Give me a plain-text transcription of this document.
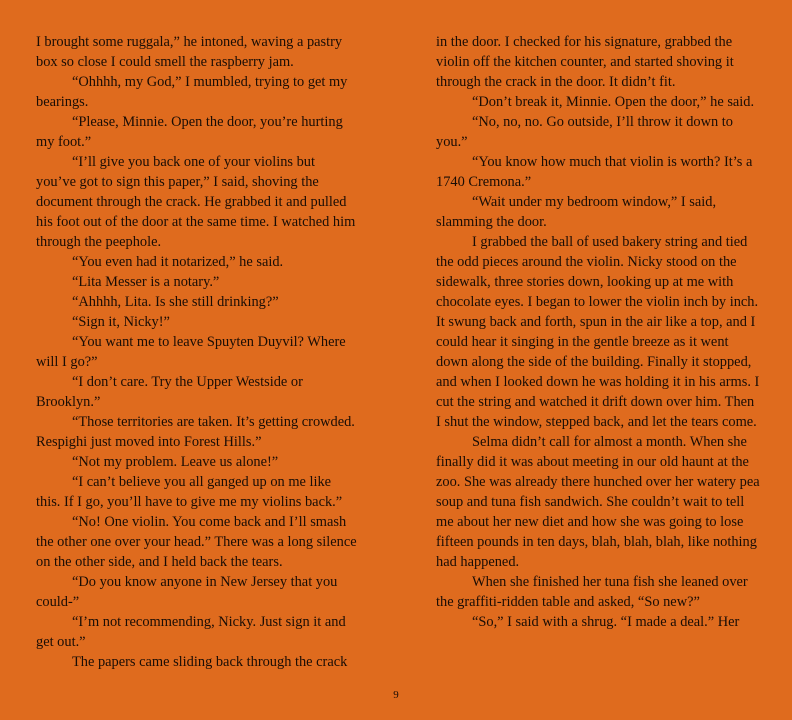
I brought some ruggala,” he intoned, waving a pastry box so close I could smell the raspberry jam.

“Ohhhh, my God,” I mumbled, trying to get my bearings.

“Please, Minnie. Open the door, you’re hurting my foot.”

“I’ll give you back one of your violins but you’ve got to sign this paper,” I said, shoving the document through the crack. He grabbed it and pulled his foot out of the door at the same time. I watched him through the peephole.

“You even had it notarized,” he said.

“Lita Messer is a notary.”

“Ahhhh, Lita. Is she still drinking?”

“Sign it, Nicky!”

“You want me to leave Spuyten Duyvil? Where will I go?”

“I don’t care. Try the Upper Westside or Brooklyn.”

“Those territories are taken. It’s getting crowded. Respighi just moved into Forest Hills.”

“Not my problem. Leave us alone!”

“I can’t believe you all ganged up on me like this. If I go, you’ll have to give me my violins back.”

“No! One violin. You come back and I’ll smash the other one over your head.” There was a long silence on the other side, and I held back the tears.

“Do you know anyone in New Jersey that you could-”

“I’m not recommending, Nicky. Just sign it and get out.”

The papers came sliding back through the crack

in the door. I checked for his signature, grabbed the violin off the kitchen counter, and started shoving it through the crack in the door. It didn’t fit.

“Don’t break it, Minnie. Open the door,” he said.

“No, no, no. Go outside, I’ll throw it down to you.”

“You know how much that violin is worth? It’s a 1740 Cremona.”

“Wait under my bedroom window,” I said, slamming the door.

I grabbed the ball of used bakery string and tied the odd pieces around the violin. Nicky stood on the sidewalk, three stories down, looking up at me with chocolate eyes. I began to lower the violin inch by inch. It swung back and forth, spun in the air like a top, and I could hear it singing in the gentle breeze as it went down along the side of the building. Finally it stopped, and when I looked down he was holding it in his arms. I cut the string and watched it drift down over him. Then I shut the window, stepped back, and let the tears come.

Selma didn’t call for almost a month. When she finally did it was about meeting in our old haunt at the zoo. She was already there hunched over her watery pea soup and tuna fish sandwich. She couldn’t wait to tell me about her new diet and how she was going to lose fifteen pounds in ten days, blah, blah, blah, like nothing had happened.

When she finished her tuna fish she leaned over the graffiti-ridden table and asked, “So new?”

“So,” I said with a shrug. “I made a deal.” Her

9
